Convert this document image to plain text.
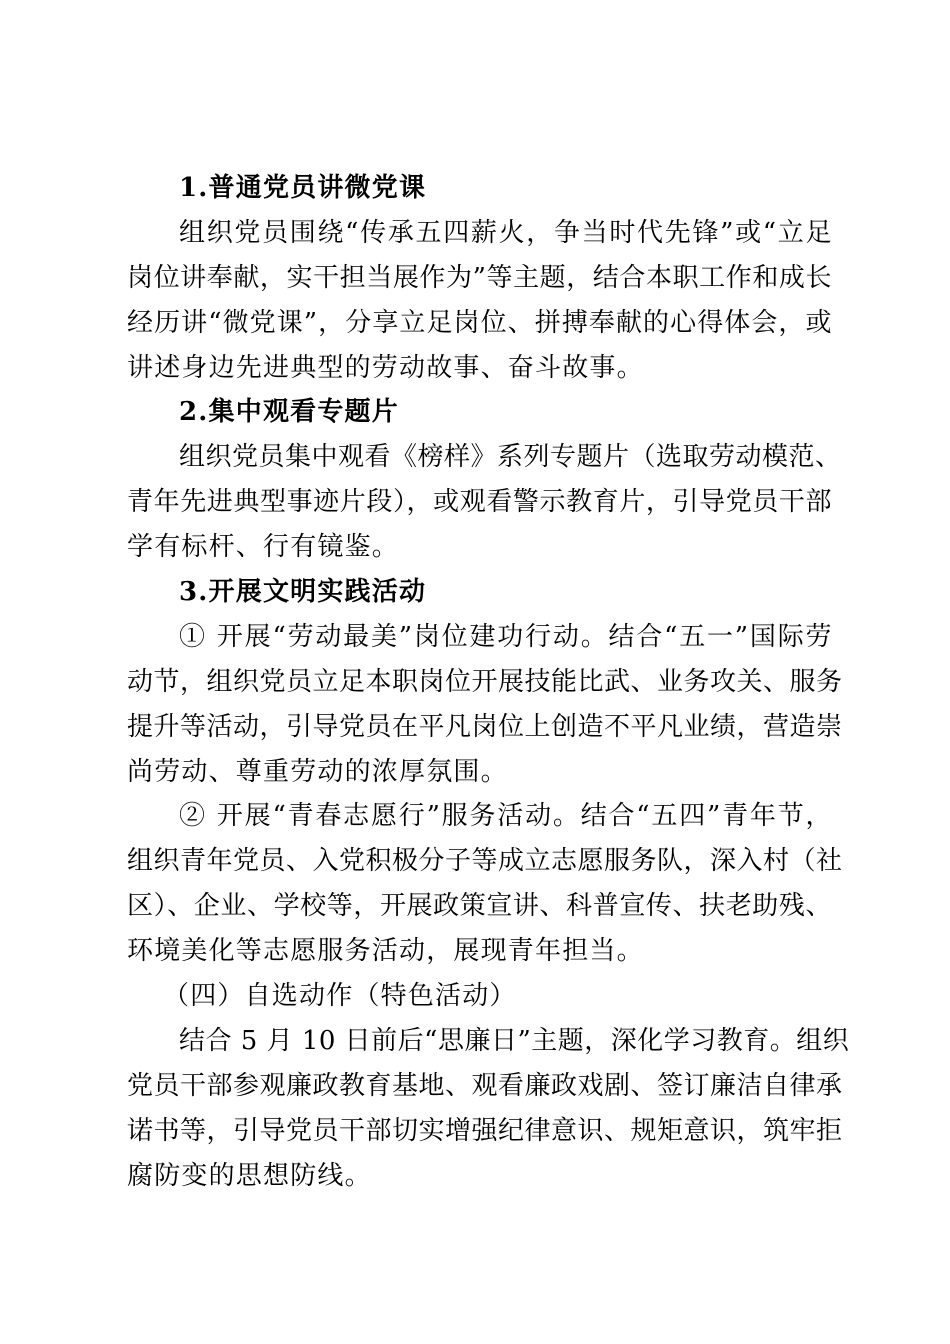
1.普通党员讲微党课
组织党员围绕“传承五四薪火，争当时代先锋”或“立足
岗位讲奉献，实干担当展作为”等主题，结合本职工作和成长
经历讲“微党课”，分享立足岗位、拼搏奉献的心得体会，或
讲述身边先进典型的劳动故事、奋斗故事。
2.集中观看专题片
组织党员集中观看《榜样》系列专题片（选取劳动模范、
青年先进典型事迹片段），或观看警示教育片，引导党员干部
学有标杆、行有镜鉴。
3.开展文明实践活动
① 开展“劳动最美”岗位建功行动。结合“五一”国际劳
动节，组织党员立足本职岗位开展技能比武、业务攻关、服务
提升等活动，引导党员在平凡岗位上创造不平凡业绩，营造崇
尚劳动、尊重劳动的浓厚氛围。
② 开展“青春志愿行”服务活动。结合“五四”青年节，
组织青年党员、入党积极分子等成立志愿服务队，深入村（社
区）、企业、学校等，开展政策宣讲、科普宣传、扶老助残、
环境美化等志愿服务活动，展现青年担当。
（四）自选动作（特色活动）
结合 5 月 10 日前后“思廉日”主题，深化学习教育。组织
党员干部参观廉政教育基地、观看廉政戏剧、签订廉洁自律承
诺书等，引导党员干部切实增强纪律意识、规矩意识，筑牢拒
腐防变的思想防线。
